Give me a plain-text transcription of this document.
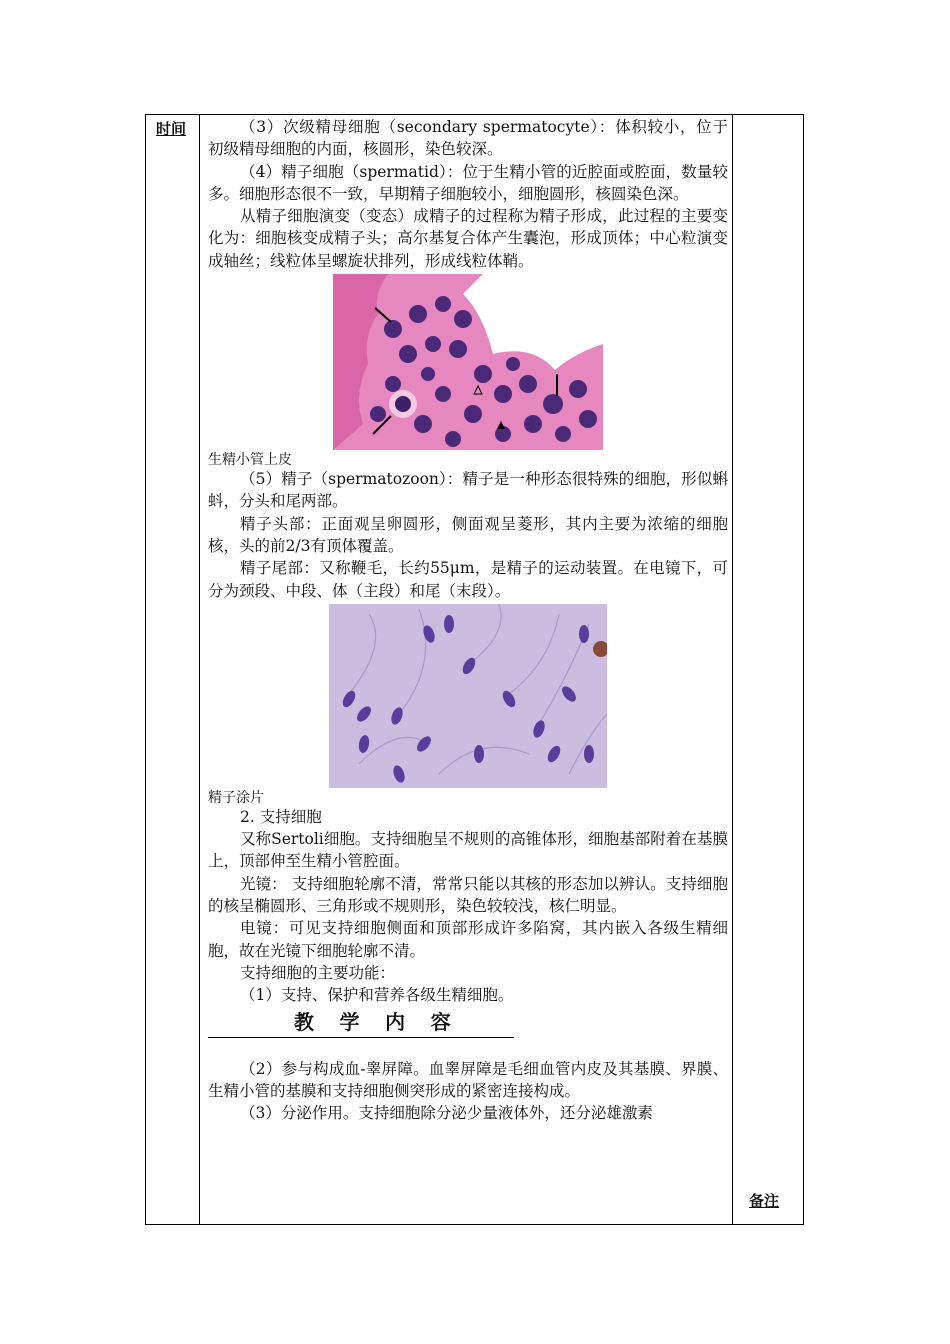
时间
备注

（3）次级精母细胞（secondary spermatocyte）：体积较小，位于初级精母细胞的内面，核圆形，染色较深。

（4）精子细胞（spermatid）：位于生精小管的近腔面或腔面，数量较多。细胞形态很不一致，早期精子细胞较小，细胞圆形，核圆染色深。

从精子细胞演变（变态）成精子的过程称为精子形成，此过程的主要变化为：细胞核变成精子头；高尔基复合体产生囊泡，形成顶体；中心粒演变成轴丝；线粒体呈螺旋状排列，形成线粒体鞘。

生精小管上皮

（5）精子（spermatozoon）：精子是一种形态很特殊的细胞，形似蝌蚪，分头和尾两部。

精子头部：正面观呈卵圆形，侧面观呈菱形，其内主要为浓缩的细胞核，头的前2/3有顶体覆盖。

精子尾部：又称鞭毛，长约55μm，是精子的运动装置。在电镜下，可分为颈段、中段、体（主段）和尾（末段）。

精子涂片

2. 支持细胞

又称Sertoli细胞。支持细胞呈不规则的高锥体形，细胞基部附着在基膜上，顶部伸至生精小管腔面。

光镜： 支持细胞轮廓不清，常常只能以其核的形态加以辨认。支持细胞的核呈椭圆形、三角形或不规则形，染色较较浅，核仁明显。

电镜：可见支持细胞侧面和顶部形成许多陷窝，其内嵌入各级生精细胞，故在光镜下细胞轮廓不清。

支持细胞的主要功能：

（1）支持、保护和营养各级生精细胞。

教 学 内 容

（2）参与构成血-睾屏障。血睾屏障是毛细血管内皮及其基膜、界膜、生精小管的基膜和支持细胞侧突形成的紧密连接构成。

（3）分泌作用。支持细胞除分泌少量液体外，还分泌雄激素
